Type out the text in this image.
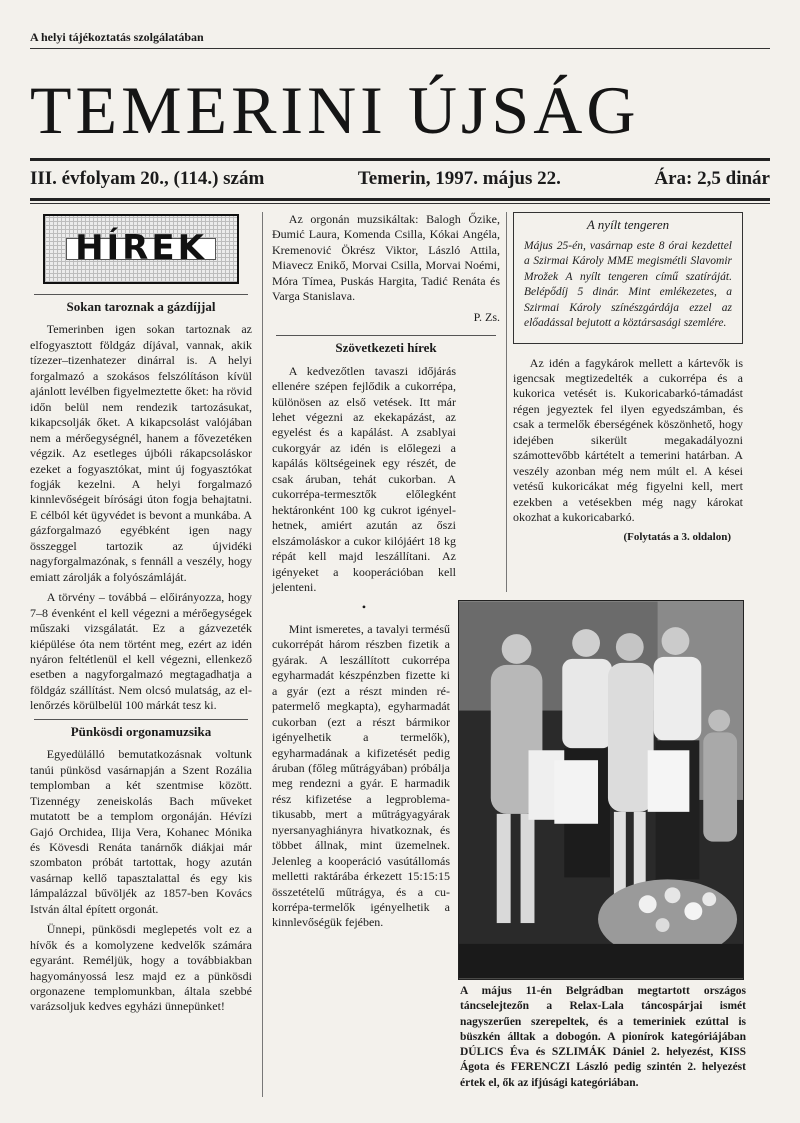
A helyi tájékoztatás szolgálatában
TEMERINI ÚJSÁG
III. évfolyam 20., (114.) szám	Temerin, 1997. május 22.	Ára: 2,5 dinár
HÍREK
Sokan taroznak a gázdíjjal

Temerinben igen sokan tartoznak az elfogyasztott földgáz díjával, vannak, akik tízezer–tizenhatezer dinárral is. A helyi forgalmazó a szokásos felszólításon kívül ajánlott levélben figyelmeztette őket: ha rövid időn belül nem rendezik tartozásukat, kikapcsolják őket. A kikapcsolást valójában nem a mérőegységnél, hanem a fővezetéken végzik. Az esetleges újbóli rákapcsoláskor ezeket a fogyasztókat, mint új fogyasztókat fogják kezelni. A helyi forgalmazó kinnlevőségeit bírósági úton fogja behajtatni. E célból két ügyvédet is bevont a munkába. A gázforgalmazó egyébként igen nagy összeggel tartozik az újvidéki nagyforgalmazónak, s fennáll a veszély, hogy emiatt zárolják a folyószámláját.

A törvény – továbbá – előirányozza, hogy 7–8 évenként el kell végezni a mérőegységek műszaki vizsgálatát. Ez a gázvezeték kiépülése óta nem történt meg, ezért az idén nyáron feltétlenül el kell végezni, ellenkező esetben a nagyforgalmazó megtagadhatja a földgáz szállítást. Nem olcsó mulatság, az ellenőrzés körülbelül 100 márkát tesz ki.

Pünkösdi orgonamuzsika

Egyedülálló bemutatkozásnak voltunk tanúi pünkösd vasárnapján a Szent Rozália templomban a két szentmise között. Tizennégy zeneiskolás Bach műveket mutatott be a templom orgonáján. Hévízi Gajó Orchidea, Ilija Vera, Kohanec Mónika és Kövesdi Renáta tanárnők diákjai már szombaton próbát tartottak, hogy azután vasárnap kellő tapasztalattal és egy kis lámpalázzal bűvöljék az 1857-ben Kovács István által épített orgonát.

Ünnepi, pünkösdi meglepetés volt ez a hívők és a komolyzene kedvelők számára egyaránt. Reméljük, hogy a továbbiakban hagyományossá lesz majd ez a pünkösdi orgonazene templomunkban, általa szebbé varázsoljuk kedves egyházi ünnepünket!

Az orgonán muzsikáltak: Balogh Őzike, Đumić Laura, Komenda Csilla, Kókai Angéla, Kremenović Ökrész Viktor, László Attila, Miavecz Enikő, Morvai Csilla, Morvai Noémi, Móra Tímea, Puskás Hargita, Tadić Renáta és Varga Stanislava.

P. Zs.
Szövetkezeti hírek

A kedvezőtlen tavaszi időjárás ellenére szépen fejlődik a cukorrépa, különösen az első vetések. Itt már lehet végezni az ekekapázást, az egyelést és a kapálást. A zsablyai cukorgyár az idén is előlegezi a kapálás költségeinek egy részét, de csak áruban, tehát cukorban. A cukorrépa-termesztők előlegként hektáronként 100 kg cukrot igényelhetnek, amiért azután az őszi elszámoláskor a cukor kilójáért 18 kg répát kell majd leszállítani. Az igényeket a kooperációban kell jelenteni.

•

Mint ismeretes, a tavalyi termésű cukorrépát három részben fizetik a gyárak. A leszállított cukorrépa egyharmadát készpénzben fizette ki a gyár (ezt a részt minden répatermelő megkapta), egyharmadát cukorban (ezt a részt bármikor igényelhetik a termelők), egyharmadának a kifizetését pedig áruban (főleg műtrágyában) próbálja meg rendezni a gyár. E harmadik rész kifizetése a legproblematikusabb, mert a műtrágyagyárak nyersanyaghiányra hivatkoznak, és többet állnak, mint üzemelnek. Jelenleg a kooperáció vasútállomás melletti raktárába érkezett 15:15:15 összetételű műtrágya, és a cukorrépa-termelők igényelhetik a kinnlevőségük fejében.

A nyílt tengeren

Május 25-én, vasárnap este 8 órai kezdettel a Szirmai Károly MME megismétli Slavomir Mrožek A nyílt tengeren című szatíráját. Belépődíj 5 dinár. Mint emlékezetes, a Szirmai Károly színészgárdája ezzel az előadással bejutott a köztársasági szemlére.

Az idén a fagykárok mellett a kártevők is igencsak megtizedelték a cukorrépa és a kukorica vetését is. Kukoricabarkó-támadást régen jegyeztek fel ilyen egyedszámban, és csak a termelők éberségének köszönhető, hogy idejében sikerült megakadályozni számottevőbb kártételt a temerini határban. A veszély azonban még nem múlt el. A kései vetésű kukoricákat még figyelni kell, mert ezekben a vetésekben még nagy károkat okozhat a kukoricabarkó.

(Folytatás a 3. oldalon)
A május 11-én Belgrádban megtartott országos táncselejtezőn a Relax-Lala táncospárjai ismét nagyszerűen szerepeltek, és a temeriniek ezúttal is büszkén álltak a dobogón. A pionírok kategóriájában DÚLICS Éva és SZLIMÁK Dániel 2. helyezést, KISS Ágota és FERENCZI László pedig szintén 2. helyezést értek el, ők az ifjúsági kategóriában.
